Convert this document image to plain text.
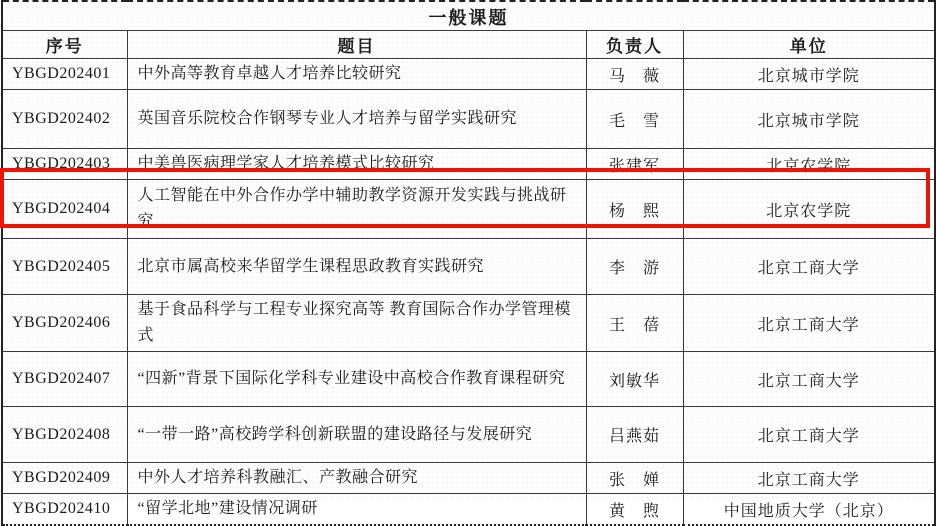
一般课题			
序号	题目	负责人	单位
YBGD202401	中外高等教育卓越人才培养比较研究	马　薇	北京城市学院
YBGD202402	英国音乐院校合作钢琴专业人才培养与留学实践研究	毛　雪	北京城市学院
YBGD202403	中美兽医病理学家人才培养模式比较研究	张建军	北京农学院
YBGD202404	人工智能在中外合作办学中辅助教学资源开发实践与挑战研究	杨　熙	北京农学院
YBGD202405	北京市属高校来华留学生课程思政教育实践研究	李　游	北京工商大学
YBGD202406	基于食品科学与工程专业探究高等 教育国际合作办学管理模式	王　蓓	北京工商大学
YBGD202407	“四新”背景下国际化学科专业建设中高校合作教育课程研究	刘敏华	北京工商大学
YBGD202408	“一带一路”高校跨学科创新联盟的建设路径与发展研究	吕燕茹	北京工商大学
YBGD202409	中外人才培养科教融汇、产教融合研究	张　婵	北京工商大学
YBGD202410	“留学北地”建设情况调研	黄　煦	中国地质大学（北京）
